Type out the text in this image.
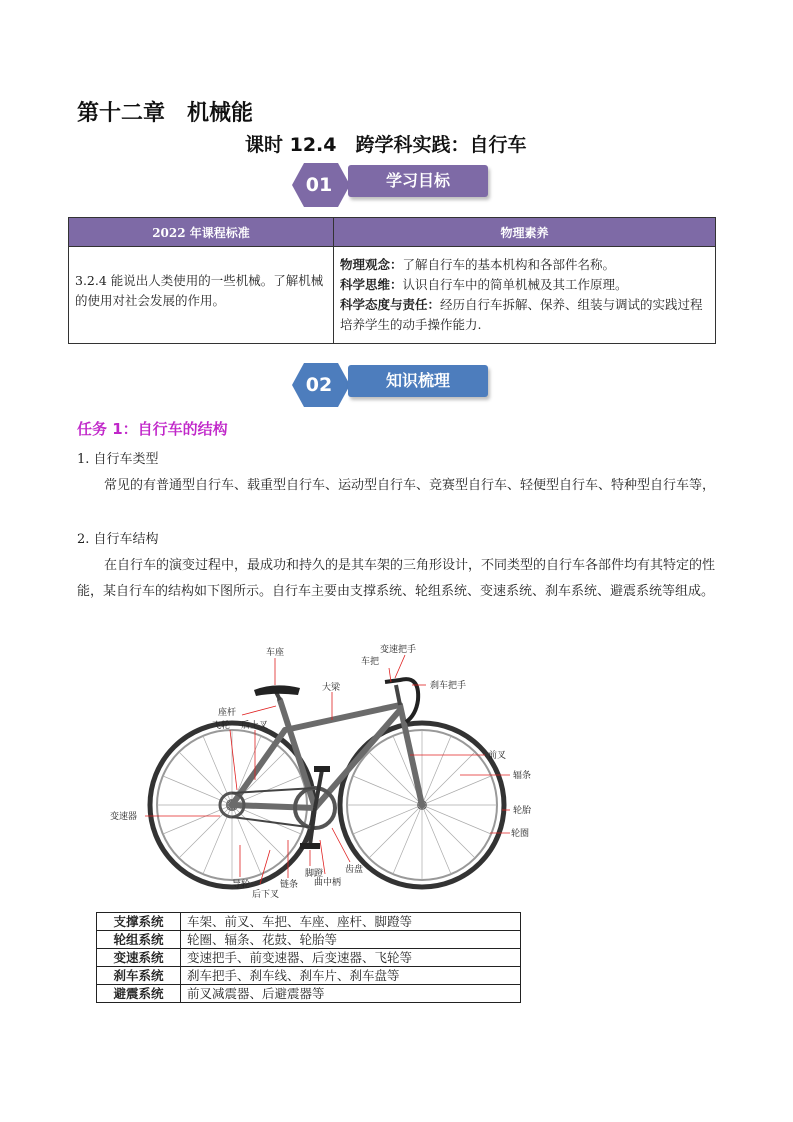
第十二章　机械能
课时 12.4　跨学科实践：自行车
01	学习目标
2022 年课程标准	物理素养
3.2.4 能说出人类使用的一些机械。了解机械的使用对社会发展的作用。	物理观念：了解自行车的基本机构和各部件名称。
科学思维：认识自行车中的简单机械及其工作原理。
科学态度与责任：经历自行车拆解、保养、组装与调试的实践过程培养学生的动手操作能力.
02	知识梳理
任务 1：自行车的结构
1. 自行车类型
常见的有普通型自行车、载重型自行车、运动型自行车、竞赛型自行车、轻便型自行车、特种型自行车等，
2. 自行车结构
在自行车的演变过程中，最成功和持久的是其车架的三角形设计，不同类型的自行车各部件均有其特定的性能，某自行车的结构如下图所示。自行车主要由支撑系统、轮组系统、变速系统、刹车系统、避震系统等组成。
车座	变速把手
车把
刹车把手
大梁
座杆
飞轮 后上叉
前叉
辐条
轮胎
轮圈
变速器
导轮
后下叉
链条
脚蹬
曲中柄
齿盘
支撑系统	车架、前叉、车把、车座、座杆、脚蹬等
轮组系统	轮圈、辐条、花鼓、轮胎等
变速系统	变速把手、前变速器、后变速器、飞轮等
刹车系统	刹车把手、刹车线、刹车片、刹车盘等
避震系统	前叉减震器、后避震器等
